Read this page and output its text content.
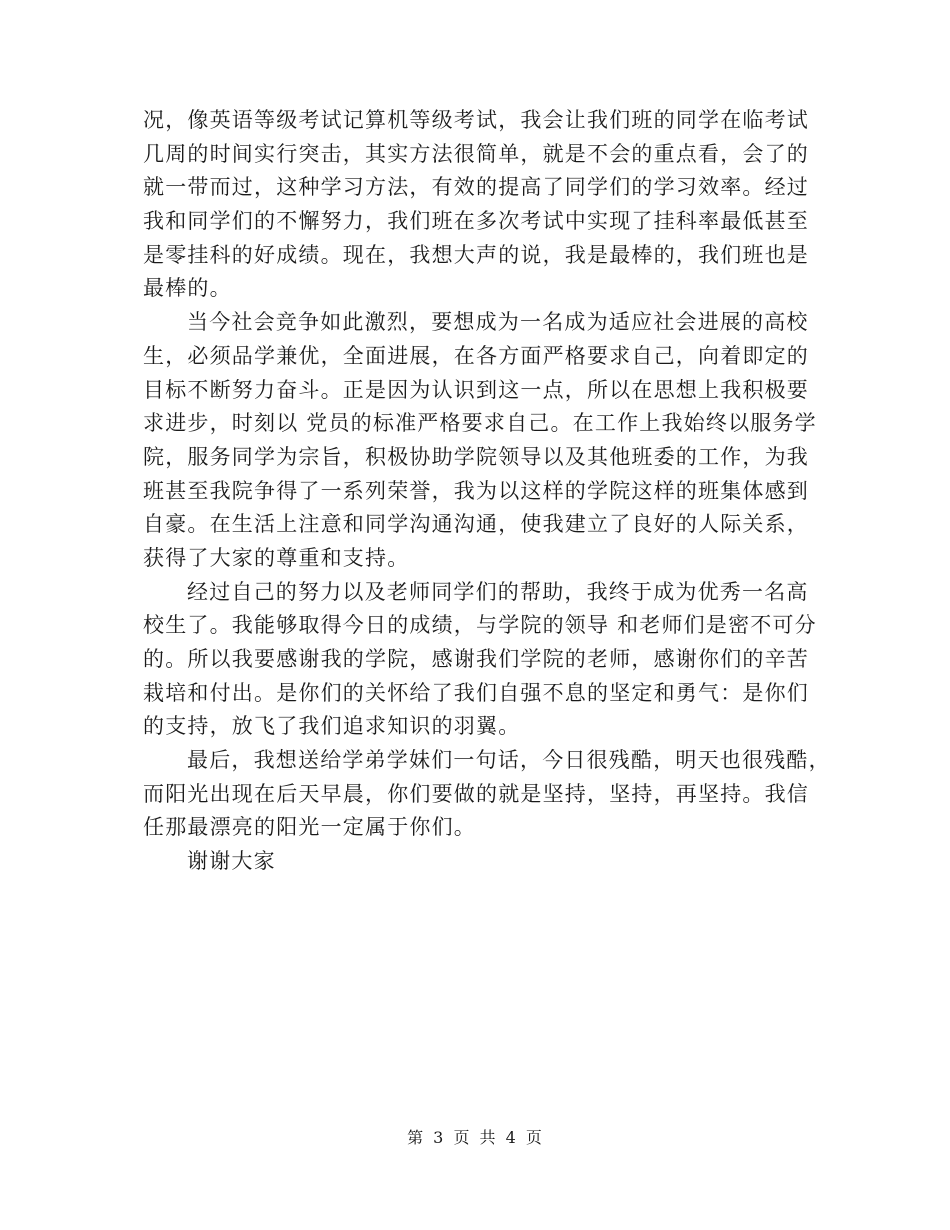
况，像英语等级考试记算机等级考试，我会让我们班的同学在临考试
几周的时间实行突击，其实方法很简单，就是不会的重点看，会了的
就一带而过，这种学习方法，有效的提高了同学们的学习效率。经过
我和同学们的不懈努力，我们班在多次考试中实现了挂科率最低甚至
是零挂科的好成绩。现在，我想大声的说，我是最棒的，我们班也是
最棒的。
当今社会竞争如此激烈，要想成为一名成为适应社会进展的高校
生，必须品学兼优，全面进展，在各方面严格要求自己，向着即定的
目标不断努力奋斗。正是因为认识到这一点，所以在思想上我积极要
求进步，时刻以 党员的标准严格要求自己。在工作上我始终以服务学
院，服务同学为宗旨，积极协助学院领导以及其他班委的工作，为我
班甚至我院争得了一系列荣誉，我为以这样的学院这样的班集体感到
自豪。在生活上注意和同学沟通沟通，使我建立了良好的人际关系，
获得了大家的尊重和支持。
经过自己的努力以及老师同学们的帮助，我终于成为优秀一名高
校生了。我能够取得今日的成绩，与学院的领导 和老师们是密不可分
的。所以我要感谢我的学院，感谢我们学院的老师，感谢你们的辛苦
栽培和付出。是你们的关怀给了我们自强不息的坚定和勇气：是你们
的支持，放飞了我们追求知识的羽翼。
最后，我想送给学弟学妹们一句话，今日很残酷，明天也很残酷，
而阳光出现在后天早晨，你们要做的就是坚持，坚持，再坚持。我信
任那最漂亮的阳光一定属于你们。
谢谢大家
第 3 页 共 4 页
